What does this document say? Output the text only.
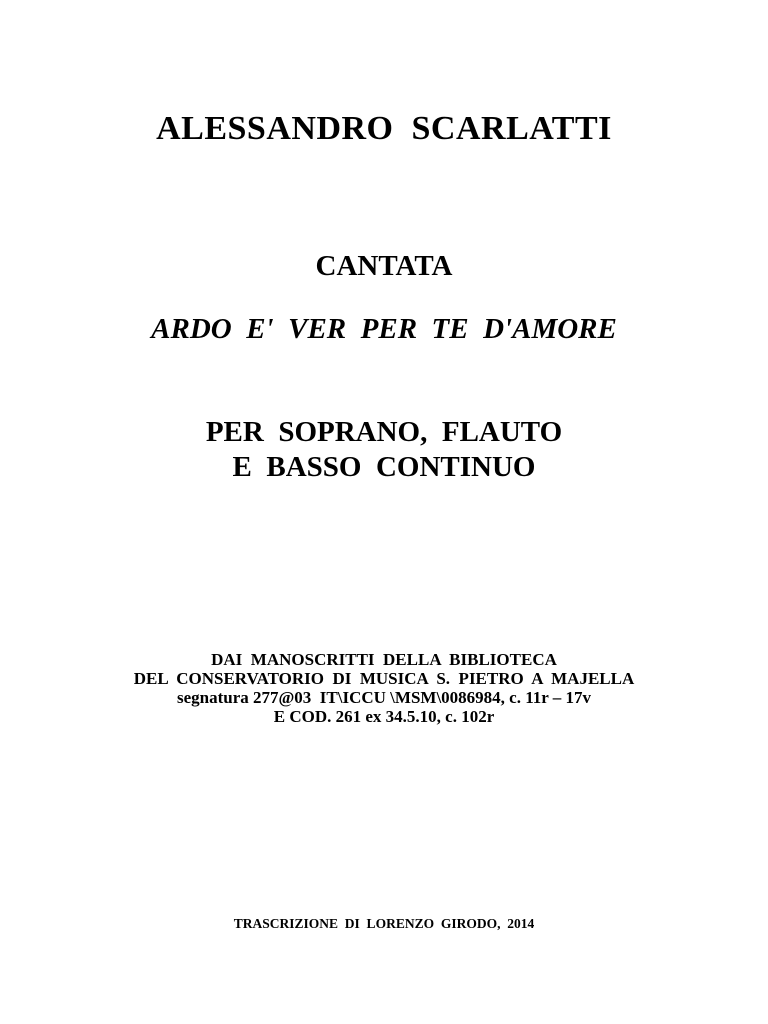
ALESSANDRO  SCARLATTI
CANTATA
ARDO  E'  VER  PER  TE  D'AMORE
PER  SOPRANO,  FLAUTO
E  BASSO  CONTINUO
DAI  MANOSCRITTI  DELLA  BIBLIOTECA
DEL  CONSERVATORIO  DI  MUSICA  S.  PIETRO  A  MAJELLA
segnatura 277@03  IT\ICCU \MSM\0086984, c. 11r – 17v
E COD. 261 ex 34.5.10, c. 102r
TRASCRIZIONE  DI  LORENZO  GIRODO,  2014
